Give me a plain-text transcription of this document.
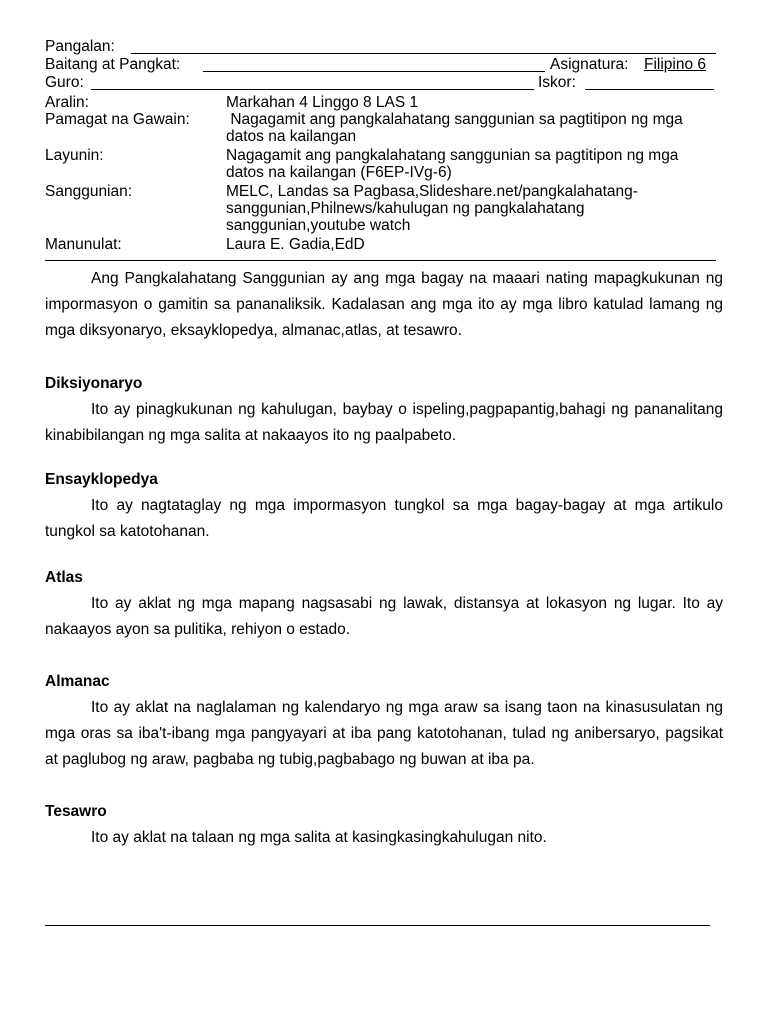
Pangalan:
Baitang at Pangkat:	Asignatura: Filipino 6
Guro:	Iskor:
Aralin:	Markahan 4 Linggo 8 LAS 1
Pamagat na Gawain:	Nagagamit ang pangkalahatang sanggunian sa pagtitipon ng mga datos na kailangan
Layunin:	Nagagamit ang pangkalahatang sanggunian sa pagtitipon ng mga datos na kailangan (F6EP-IVg-6)
Sanggunian:	MELC, Landas sa Pagbasa,Slideshare.net/pangkalahatang-sanggunian,Philnews/kahulugan ng pangkalahatang sanggunian,youtube watch
Manunulat:	Laura E. Gadia,EdD

Ang Pangkalahatang Sanggunian ay ang mga bagay na maaari nating mapagkukunan ng impormasyon o gamitin sa pananaliksik. Kadalasan ang mga ito ay mga libro katulad lamang ng mga diksyonaryo, eksayklopedya, almanac,atlas, at tesawro.

Diksiyonaryo

Ito ay pinagkukunan ng kahulugan, baybay o ispeling,pagpapantig,bahagi ng pananalitang kinabibilangan ng mga salita at nakaayos ito ng paalpabeto.

Ensayklopedya

Ito ay nagtataglay ng mga impormasyon tungkol sa mga bagay-bagay at mga artikulo tungkol sa katotohanan.

Atlas

Ito ay aklat ng mga mapang nagsasabi ng lawak, distansya at lokasyon ng lugar. Ito ay nakaayos ayon sa pulitika, rehiyon o estado.

Almanac

Ito ay aklat na naglalaman ng kalendaryo ng mga araw sa isang taon na kinasusulatan ng mga oras sa iba't-ibang mga pangyayari at iba pang katotohanan, tulad ng anibersaryo, pagsikat at paglubog ng araw, pagbaba ng tubig,pagbabago ng buwan at iba pa.

Tesawro

Ito ay aklat na talaan ng mga salita at kasingkasingkahulugan nito.
